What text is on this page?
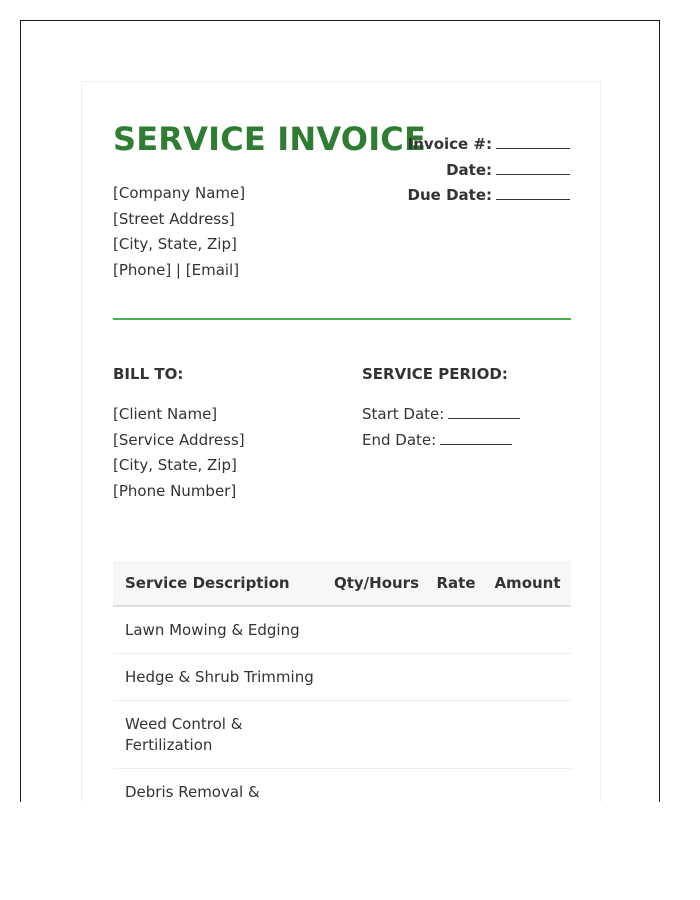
SERVICE INVOICE
Invoice #:
Date:
Due Date:
[Company Name]
[Street Address]
[City, State, Zip]
[Phone] | [Email]
BILL TO:	SERVICE PERIOD:
[Client Name]
[Service Address]
[City, State, Zip]
[Phone Number]
Start Date:
End Date:
Service Description	Qty/Hours	Rate	Amount
Lawn Mowing & Edging
Hedge & Shrub Trimming
Weed Control & Fertilization
Debris Removal &
